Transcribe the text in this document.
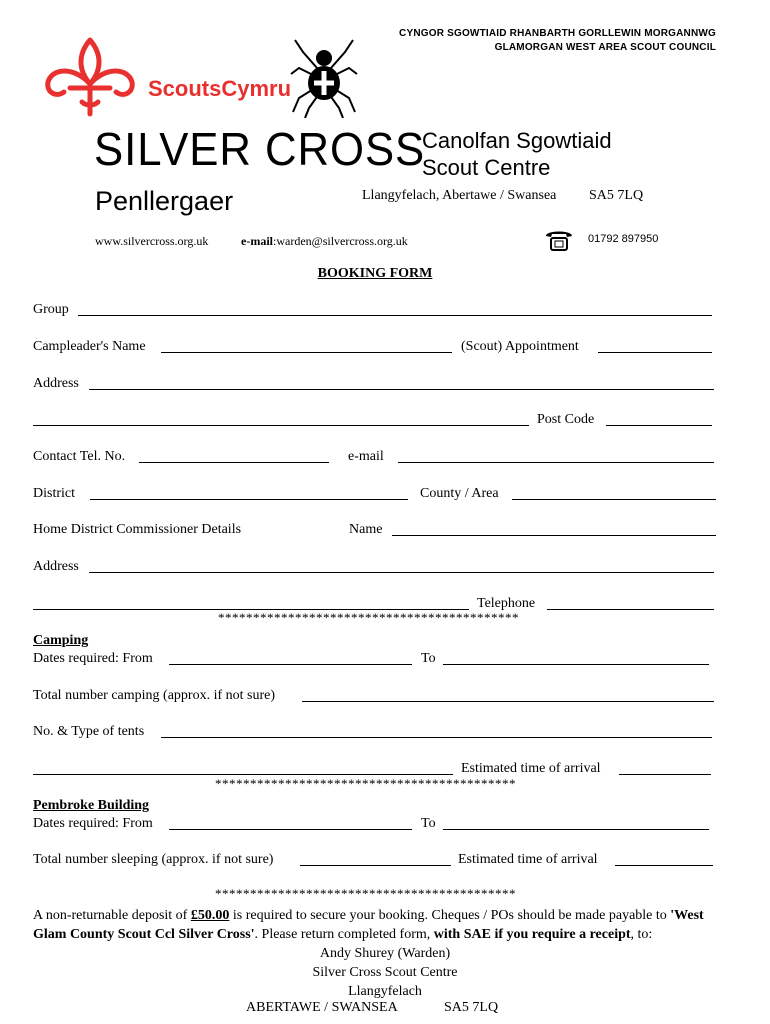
CYNGOR SGOWTIAID RHANBARTH GORLLEWIN MORGANNWG
GLAMORGAN WEST AREA SCOUT COUNCIL
ScoutsCymru
SILVER CROSS
Penllergaer
Canolfan Sgowtiaid
Scout Centre
Llangyfelach, Abertawe / Swansea SA5 7LQ
www.silvercross.org.uk	e-mail:warden@silvercross.org.uk	01792 897950
BOOKING FORM
Group
Campleader's Name	(Scout) Appointment
Address
Post Code
Contact Tel. No.	e-mail
District	County / Area
Home District Commissioner Details	Name
Address
Telephone
*******************************************
Camping
Dates required: From	To
Total number camping (approx. if not sure)
No. & Type of tents
Estimated time of arrival
*******************************************
Pembroke Building
Dates required: From	To
Total number sleeping (approx. if not sure)	Estimated time of arrival
*******************************************
A non-returnable deposit of £50.00 is required to secure your booking. Cheques / POs should be made payable to 'West Glam County Scout Ccl Silver Cross'. Please return completed form, with SAE if you require a receipt, to:
Andy Shurey (Warden)
Silver Cross Scout Centre
Llangyfelach
ABERTAWE / SWANSEA	SA5 7LQ
